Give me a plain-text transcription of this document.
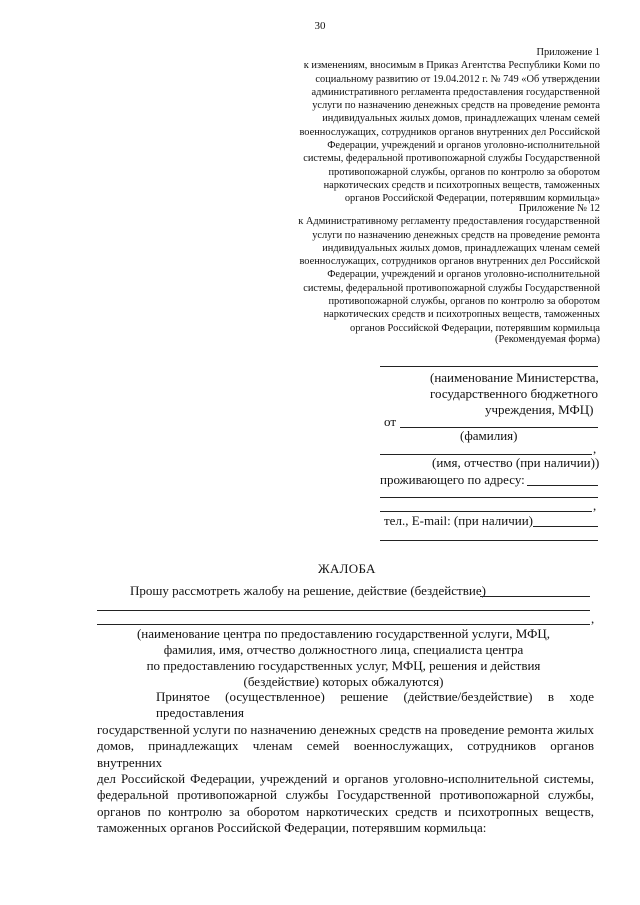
30
Приложение 1
к изменениям, вносимым в Приказ Агентства Республики Коми по
социальному развитию от 19.04.2012 г. № 749 «Об утверждении
административного регламента предоставления государственной
услуги по назначению денежных средств на проведение ремонта
индивидуальных жилых домов, принадлежащих членам семей
военнослужащих, сотрудников органов внутренних дел Российской
Федерации, учреждений и органов уголовно-исполнительной
системы, федеральной противопожарной службы Государственной
противопожарной службы, органов по контролю за оборотом
наркотических средств и психотропных веществ, таможенных
органов Российской Федерации, потерявшим кормильца»
Приложение № 12
к Административному регламенту предоставления государственной
услуги по назначению денежных средств на проведение ремонта
индивидуальных жилых домов, принадлежащих членам семей
военнослужащих, сотрудников органов внутренних дел Российской
Федерации, учреждений и органов уголовно-исполнительной
системы, федеральной противопожарной службы Государственной
противопожарной службы, органов по контролю за оборотом
наркотических средств и психотропных веществ, таможенных
органов Российской Федерации, потерявшим кормильца
(Рекомендуемая форма)
(наименование Министерства,
государственного бюджетного
учреждения, МФЦ)
от
(фамилия)
,
(имя, отчество (при наличии))
проживающего по адресу:
,
тел., E-mail: (при наличии)
ЖАЛОБА
Прошу рассмотреть жалобу на решение, действие (бездействие)
,
(наименование центра по предоставлению государственной услуги, МФЦ,
фамилия, имя, отчество должностного лица, специалиста центра
по предоставлению государственных услуг, МФЦ, решения и действия
(бездействие) которых обжалуются)
Принятое (осуществленное) решение (действие/бездействие) в ходе предоставления
государственной услуги по назначению денежных средств на проведение ремонта жилых
домов, принадлежащих членам семей военнослужащих, сотрудников органов внутренних
дел Российской Федерации, учреждений и органов уголовно-исполнительной системы,
федеральной противопожарной службы Государственной противопожарной службы,
органов по контролю за оборотом наркотических средств и психотропных веществ,
таможенных органов Российской Федерации, потерявшим кормильца:
